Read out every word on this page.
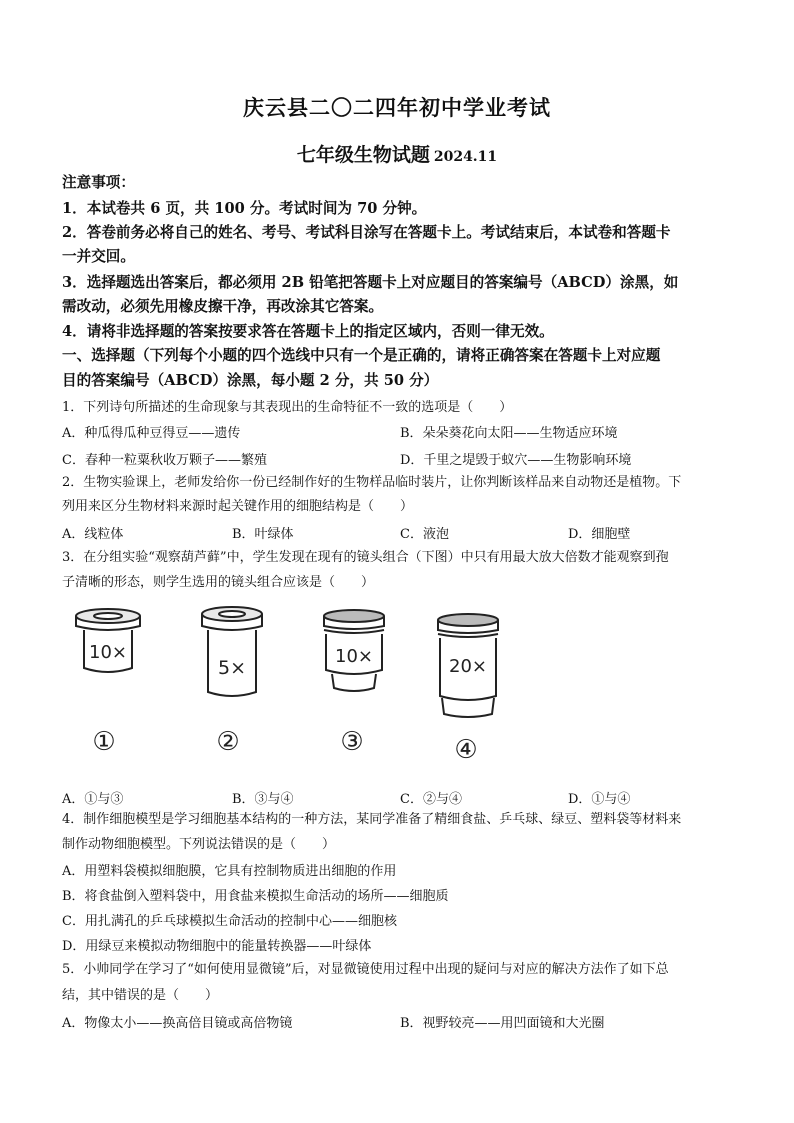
庆云县二〇二四年初中学业考试
七年级生物试题 2024.11
注意事项：
1．本试卷共 6 页，共 100 分。考试时间为 70 分钟。
2．答卷前务必将自己的姓名、考号、考试科目涂写在答题卡上。考试结束后，本试卷和答题卡
一并交回。
3．选择题选出答案后，都必须用 2B 铅笔把答题卡上对应题目的答案编号（ABCD）涂黑，如
需改动，必须先用橡皮擦干净，再改涂其它答案。
4．请将非选择题的答案按要求答在答题卡上的指定区域内，否则一律无效。
一、选择题（下列每个小题的四个选线中只有一个是正确的，请将正确答案在答题卡上对应题
目的答案编号（ABCD）涂黑，每小题 2 分，共 50 分）
1．下列诗句所描述的生命现象与其表现出的生命特征不一致的选项是（　　）
A．种瓜得瓜种豆得豆——遗传	B．朵朵葵花向太阳——生物适应环境
C．春种一粒粟秋收万颗子——繁殖	D．千里之堤毁于蚁穴——生物影响环境
2．生物实验课上，老师发给你一份已经制作好的生物样品临时装片，让你判断该样品来自动物还是植物。下
列用来区分生物材料来源时起关键作用的细胞结构是（　　）
A．线粒体	B．叶绿体	C．液泡	D．细胞壁
3．在分组实验“观察葫芦藓”中，学生发现在现有的镜头组合（下图）中只有用最大放大倍数才能观察到孢
子清晰的形态，则学生选用的镜头组合应该是（　　）
10×
①
5×
②
10×
③
20×
④
A．①与③	B．③与④	C．②与④	D．①与④
4．制作细胞模型是学习细胞基本结构的一种方法，某同学准备了精细食盐、乒乓球、绿豆、塑料袋等材料来
制作动物细胞模型。下列说法错误的是（　　）
A．用塑料袋模拟细胞膜，它具有控制物质进出细胞的作用
B．将食盐倒入塑料袋中，用食盐来模拟生命活动的场所——细胞质
C．用扎满孔的乒乓球模拟生命活动的控制中心——细胞核
D．用绿豆来模拟动物细胞中的能量转换器——叶绿体
5．小帅同学在学习了“如何使用显微镜”后，对显微镜使用过程中出现的疑问与对应的解决方法作了如下总
结，其中错误的是（　　）
A．物像太小——换高倍目镜或高倍物镜	B．视野较亮——用凹面镜和大光圈
